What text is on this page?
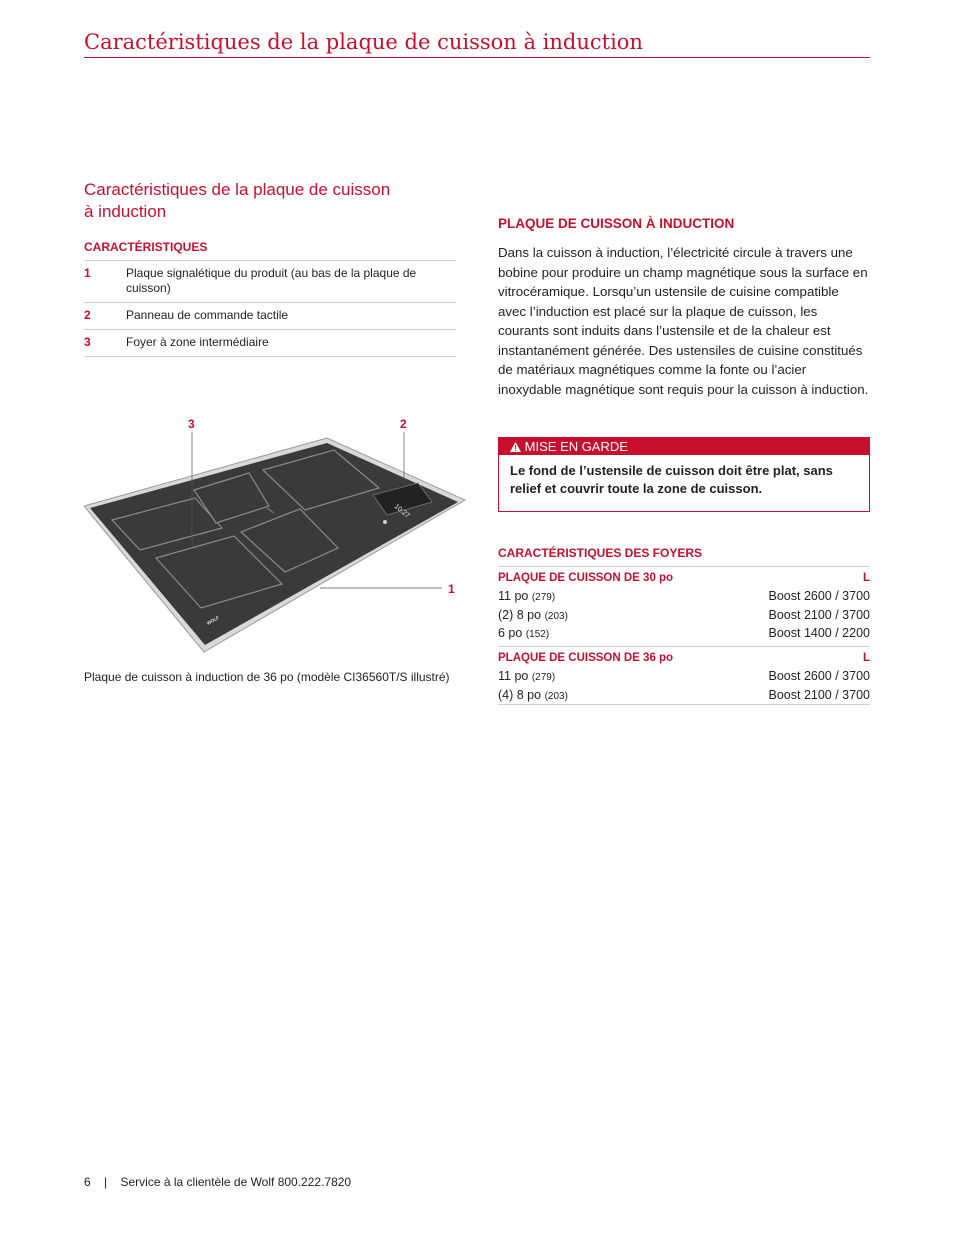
Caractéristiques de la plaque de cuisson à induction
Caractéristiques de la plaque de cuisson à induction
CARACTÉRISTIQUES
1	Plaque signalétique du produit (au bas de la plaque de cuisson)
2	Panneau de commande tactile
3	Foyer à zone intermédiaire
3	2
1
10:27
WOLF
Plaque de cuisson à induction de 36 po (modèle CI36560T/S illustré)
PLAQUE DE CUISSON À INDUCTION

Dans la cuisson à induction, l’électricité circule à travers une bobine pour produire un champ magnétique sous la surface en vitrocéramique. Lorsqu’un ustensile de cuisine compatible avec l’induction est placé sur la plaque de cuisson, les courants sont induits dans l’ustensile et de la chaleur est instantanément générée. Des ustensiles de cuisine constitués de matériaux magnétiques comme la fonte ou l’acier inoxydable magnétique sont requis pour la cuisson à induction.

MISE EN GARDE
Le fond de l’ustensile de cuisson doit être plat, sans relief et couvrir toute la zone de cuisson.
CARACTÉRISTIQUES DES FOYERS
PLAQUE DE CUISSON DE 30 po	L
11 po (279)	Boost 2600 / 3700
(2) 8 po (203)	Boost 2100 / 3700
6 po (152)	Boost 1400 / 2200
PLAQUE DE CUISSON DE 36 po	L
11 po (279)	Boost 2600 / 3700
(4) 8 po (203)	Boost 2100 / 3700
6 | Service à la clientèle de Wolf 800.222.7820
